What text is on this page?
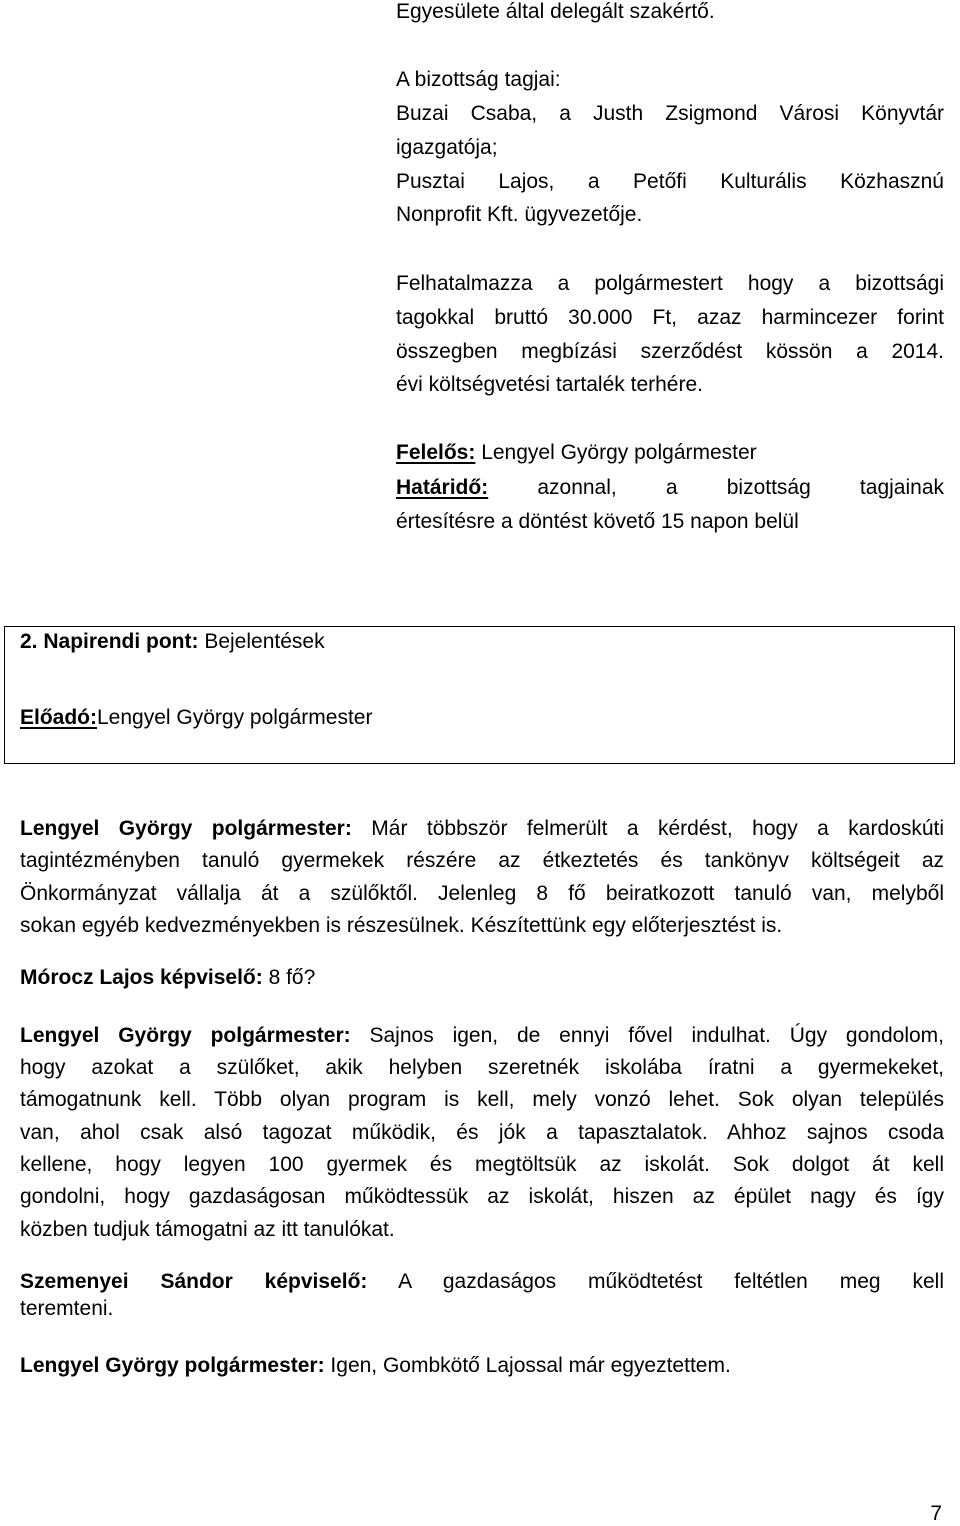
Egyesülete által delegált szakértő.
A bizottság tagjai:
Buzai Csaba, a Justh Zsigmond Városi Könyvtár
igazgatója;
Pusztai Lajos, a Petőfi Kulturális Közhasznú
Nonprofit Kft. ügyvezetője.
Felhatalmazza a polgármestert hogy a bizottsági
tagokkal bruttó 30.000 Ft, azaz harmincezer forint
összegben megbízási szerződést kössön a 2014.
évi költségvetési tartalék terhére.
Felelős: Lengyel György polgármester
Határidő: azonnal, a bizottság tagjainak
értesítésre a döntést követő 15 napon belül
2. Napirendi pont: Bejelentések
Előadó:Lengyel György polgármester
Lengyel György polgármester: Már többször felmerült a kérdést, hogy a kardoskúti
tagintézményben tanuló gyermekek részére az étkeztetés és tankönyv költségeit az
Önkormányzat vállalja át a szülőktől. Jelenleg 8 fő beiratkozott tanuló van, melyből
sokan egyéb kedvezményekben is részesülnek. Készítettünk egy előterjesztést is.
Mórocz Lajos képviselő: 8 fő?
Lengyel György polgármester: Sajnos igen, de ennyi fővel indulhat. Úgy gondolom,
hogy azokat a szülőket, akik helyben szeretnék iskolába íratni a gyermekeket,
támogatnunk kell. Több olyan program is kell, mely vonzó lehet. Sok olyan település
van, ahol csak alsó tagozat működik, és jók a tapasztalatok. Ahhoz sajnos csoda
kellene, hogy legyen 100 gyermek és megtöltsük az iskolát. Sok dolgot át kell
gondolni, hogy gazdaságosan működtessük az iskolát, hiszen az épület nagy és így
közben tudjuk támogatni az itt tanulókat.
Szemenyei Sándor képviselő: A gazdaságos működtetést feltétlen meg kell
teremteni.
Lengyel György polgármester: Igen, Gombkötő Lajossal már egyeztettem.
7
